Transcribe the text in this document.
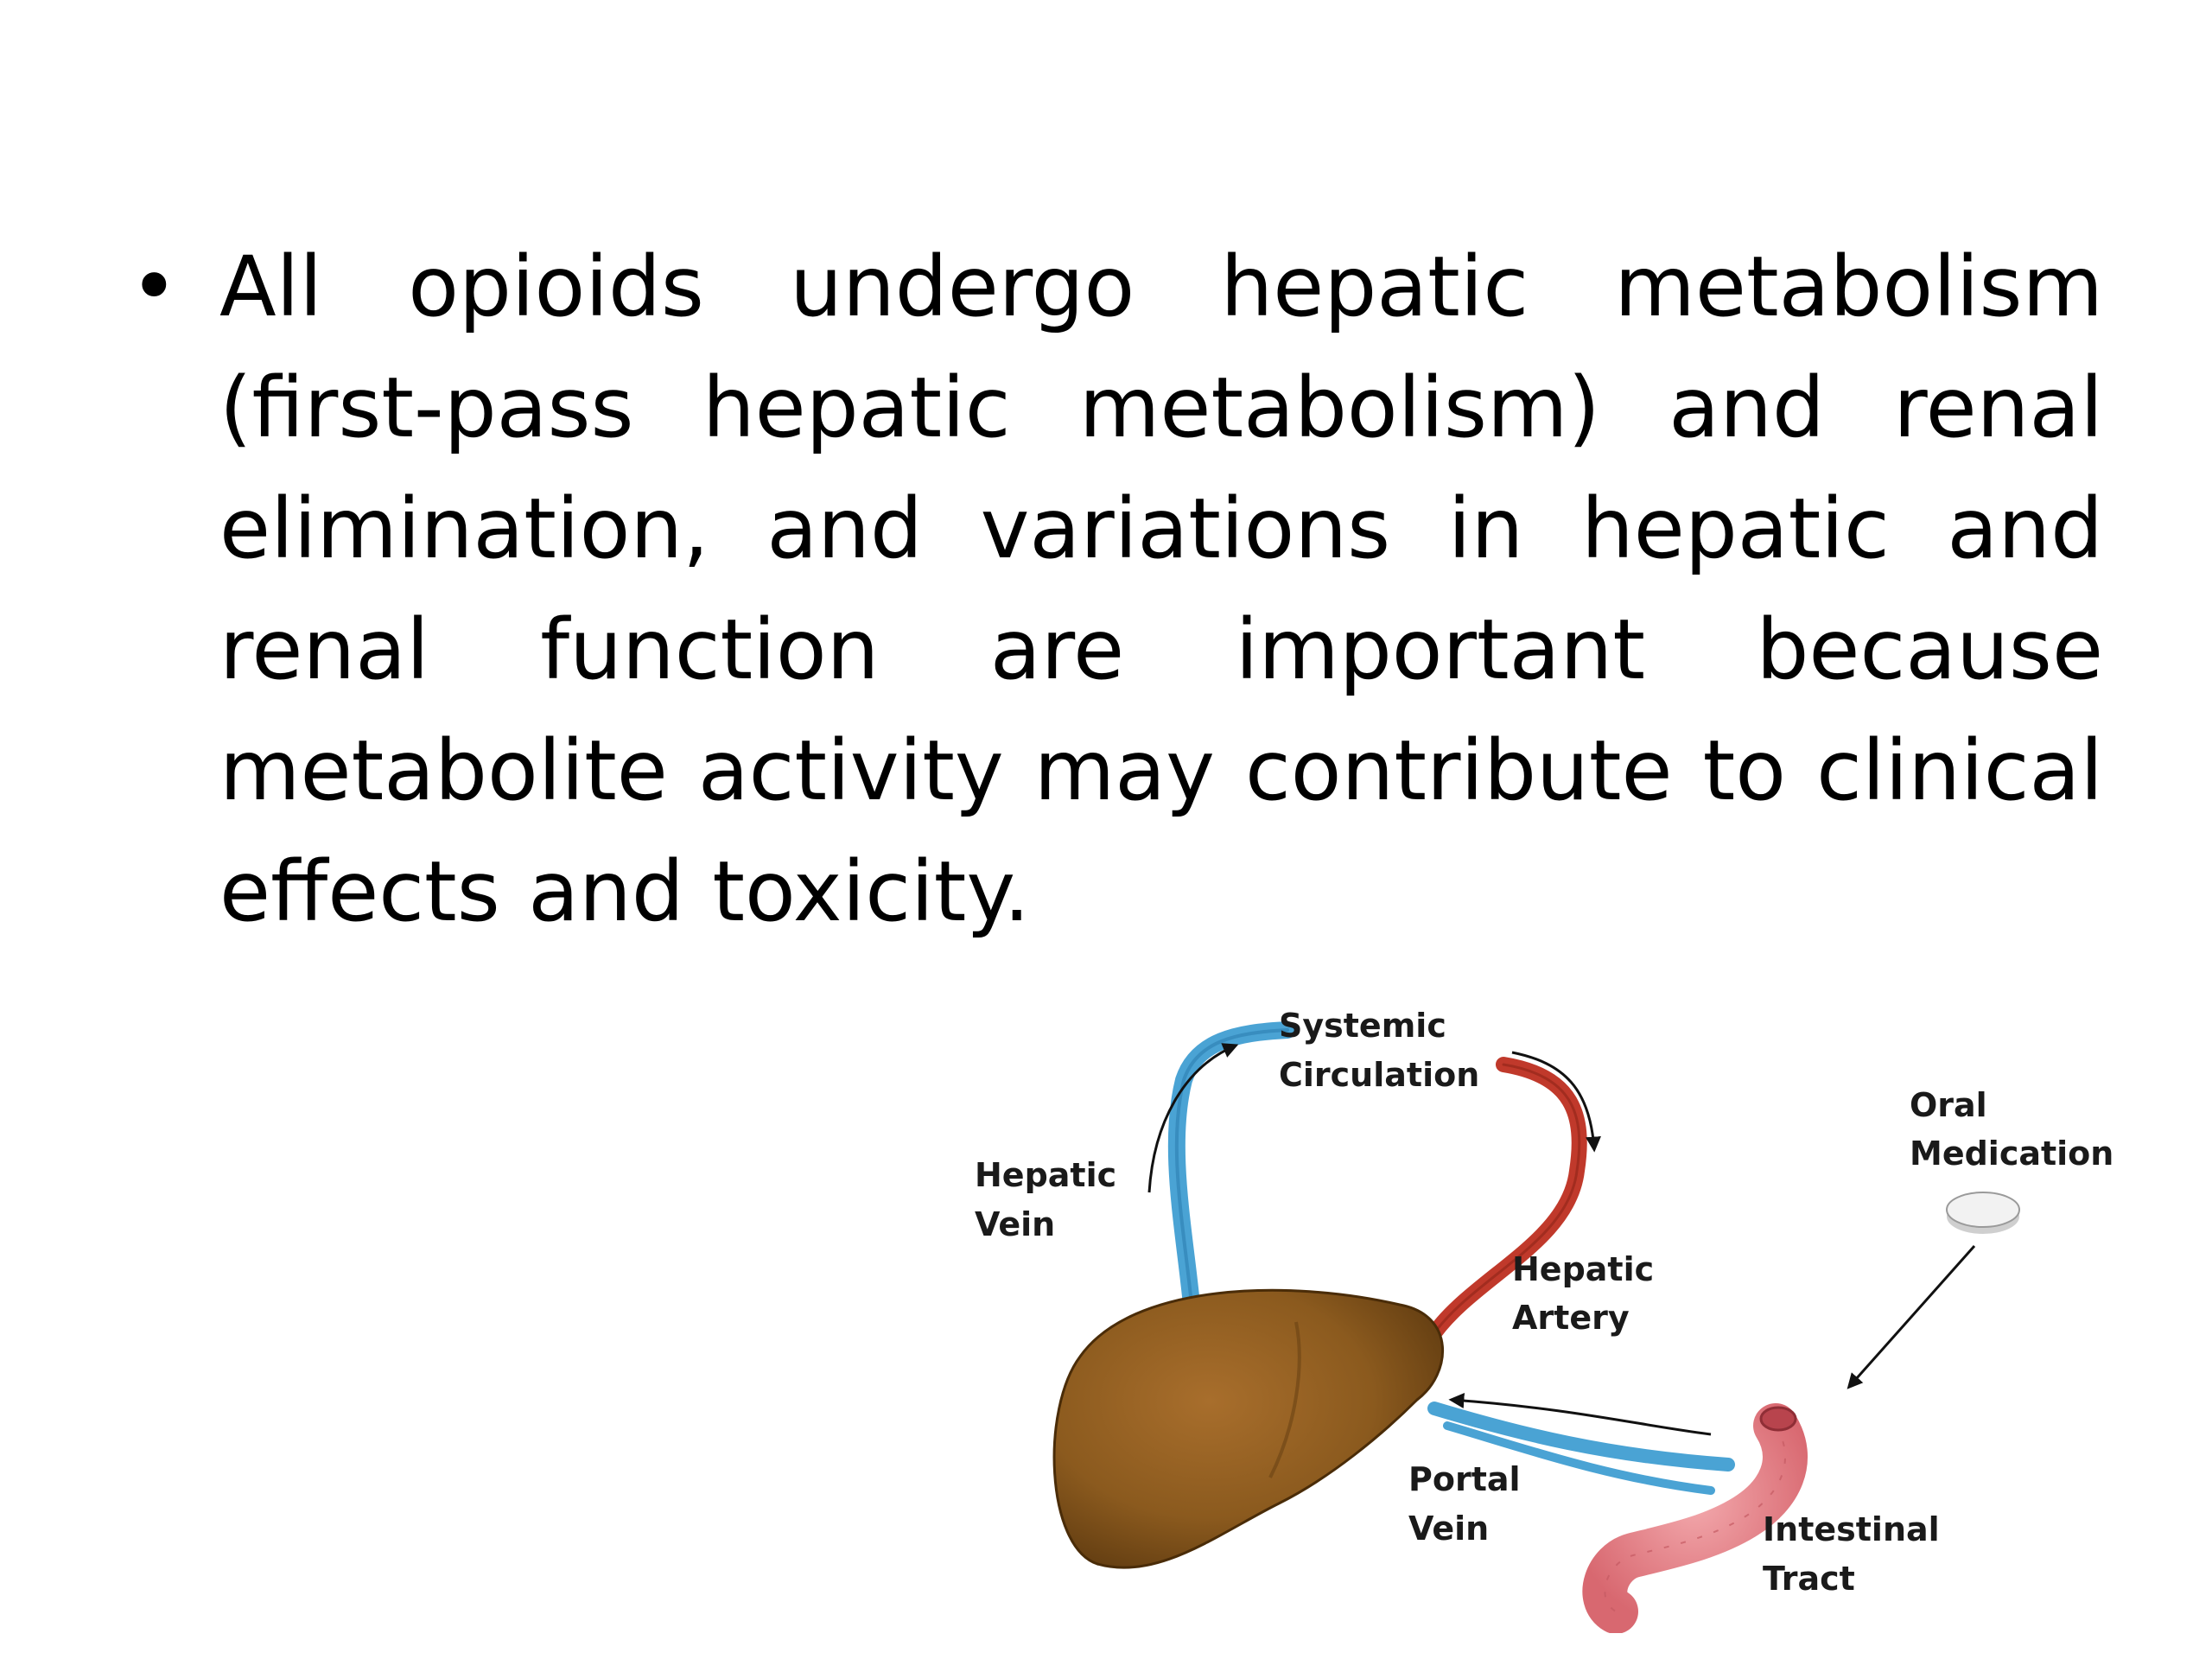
• All opioids undergo hepatic metabolism (first-pass hepatic metabolism) and renal elimination, and variations in hepatic and renal function are important because metabolite activity may contribute to clinical effects and toxicity.
Systemic
Circulation
Oral
Medication
Hepatic
Vein
Hepatic
Artery
Portal
Vein	Intestinal
Tract
